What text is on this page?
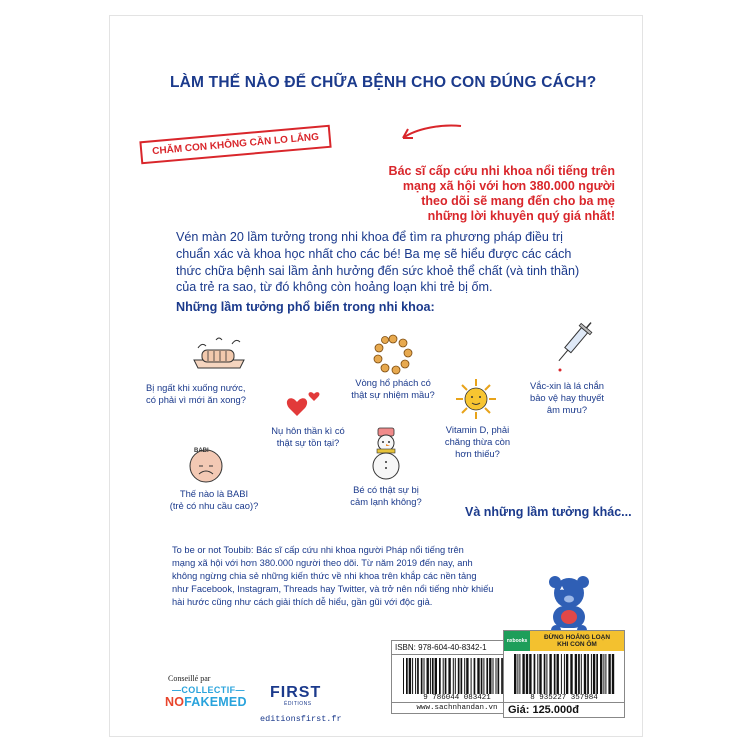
LÀM THẾ NÀO ĐỂ CHỮA BỆNH CHO CON ĐÚNG CÁCH?
CHĂM CON KHÔNG CẦN LO LẮNG
Bác sĩ cấp cứu nhi khoa nổi tiếng trên
mạng xã hội với hơn 380.000 người
theo dõi sẽ mang đến cho ba mẹ
những lời khuyên quý giá nhất!
Vén màn 20 lầm tưởng trong nhi khoa để tìm ra phương pháp điều trị
chuẩn xác và khoa học nhất cho các bé! Ba mẹ sẽ hiểu được các cách
thức chữa bệnh sai lầm ảnh hưởng đến sức khoẻ thể chất (và tinh thần)
của trẻ ra sao, từ đó không còn hoảng loạn khi trẻ bị ốm.
Những lầm tưởng phổ biến trong nhi khoa:
Bị ngất khi xuống nước,
có phải vì mới ăn xong?
Nụ hôn thần kì có
thật sự tồn tại?
Vòng hổ phách có
thật sự nhiệm mầu?
Vitamin D, phải
chăng thừa còn
hơn thiếu?
Vắc-xin là lá chắn
bảo vệ hay thuyết
âm mưu?
BABI
Thế nào là BABI
(trẻ có nhu cầu cao)?
Bé có thật sự bị
cảm lạnh không?
Và những lầm tưởng khác...
To be or not Toubib: Bác sĩ cấp cứu nhi khoa người Pháp nổi tiếng trên
mạng xã hội với hơn 380.000 người theo dõi. Từ năm 2019 đến nay, anh
không ngừng chia sẻ những kiến thức về nhi khoa trên khắp các nền tảng
như Facebook, Instagram, Threads hay Twitter, và trở nên nổi tiếng nhờ khiếu
hài hước cũng như cách giải thích dễ hiểu, gần gũi với độc giả.
Conseillé par
—COLLECTIF—
NOFAKEMED
FIRST
ÉDITIONS
editionsfirst.fr
ISBN: 978-604-40-8342-1
9 786044 083421
www.sachnhandan.vn
nxbooks
ĐỪNG HOẢNG LOẠN
KHI CON ỐM
8 935227 357984
Giá: 125.000đ
